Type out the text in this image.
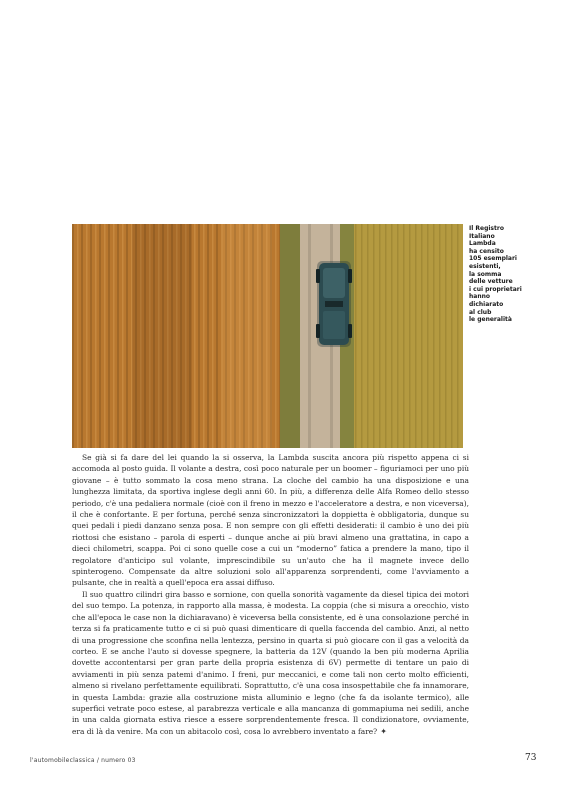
Il Registro
Italiano
Lambda
ha censito
105 esemplari
esistenti,
la somma
delle vetture
i cui proprietari
hanno
dichiarato
al club
le generalità

Se già si fa dare del lei quando la si osserva, la Lambda suscita ancora più rispetto appena ci si accomoda al posto guida. Il volante a destra, così poco naturale per un boomer – figuriamoci per uno più giovane – è tutto sommato la cosa meno strana. La cloche del cambio ha una disposizione e una lunghezza limitata, da sportiva inglese degli anni 60. In più, a differenza delle Alfa Romeo dello stesso periodo, c'è una pedaliera normale (cioè con il freno in mezzo e l'acceleratore a destra, e non viceversa), il che è confortante. E per fortuna, perché senza sincronizzatori la doppietta è obbligatoria, dunque su quei pedali i piedi danzano senza posa. E non sempre con gli effetti desiderati: il cambio è uno dei più riottosi che esistano – parola di esperti – dunque anche ai più bravi almeno una grattatina, in capo a dieci chilometri, scappa. Poi ci sono quelle cose a cui un “moderno” fatica a prendere la mano, tipo il regolatore d'anticipo sul volante, imprescindibile su un'auto che ha il magnete invece dello spinterogeno. Compensate da altre soluzioni solo all'apparenza sorprendenti, come l'avviamento a pulsante, che in realtà a quell'epoca era assai diffuso.

Il suo quattro cilindri gira basso e sornione, con quella sonorità vagamente da diesel tipica dei motori del suo tempo. La potenza, in rapporto alla massa, è modesta. La coppia (che si misura a orecchio, visto che all'epoca le case non la dichiaravano) è viceversa bella consistente, ed è una consolazione perché in terza si fa praticamente tutto e ci si può quasi dimenticare di quella faccenda del cambio. Anzi, al netto di una progressione che sconfina nella lentezza, persino in quarta si può giocare con il gas a velocità da corteo. E se anche l'auto si dovesse spegnere, la batteria da 12V (quando la ben più moderna Aprilia dovette accontentarsi per gran parte della propria esistenza di 6V) permette di tentare un paio di avviamenti in più senza patemi d'animo. I freni, pur meccanici, e come tali non certo molto efficienti, almeno si rivelano perfettamente equilibrati. Soprattutto, c'è una cosa insospettabile che fa innamorare, in questa Lambda: grazie alla costruzione mista alluminio e legno (che fa da isolante termico), alle superfici vetrate poco estese, al parabrezza verticale e alla mancanza di gommapiuma nei sedili, anche in una calda giornata estiva riesce a essere sorprendentemente fresca. Il condizionatore, ovviamente, era di là da venire. Ma con un abitacolo così, cosa lo avrebbero inventato a fare? ✦

l'automobileclassica / numero 03	73
